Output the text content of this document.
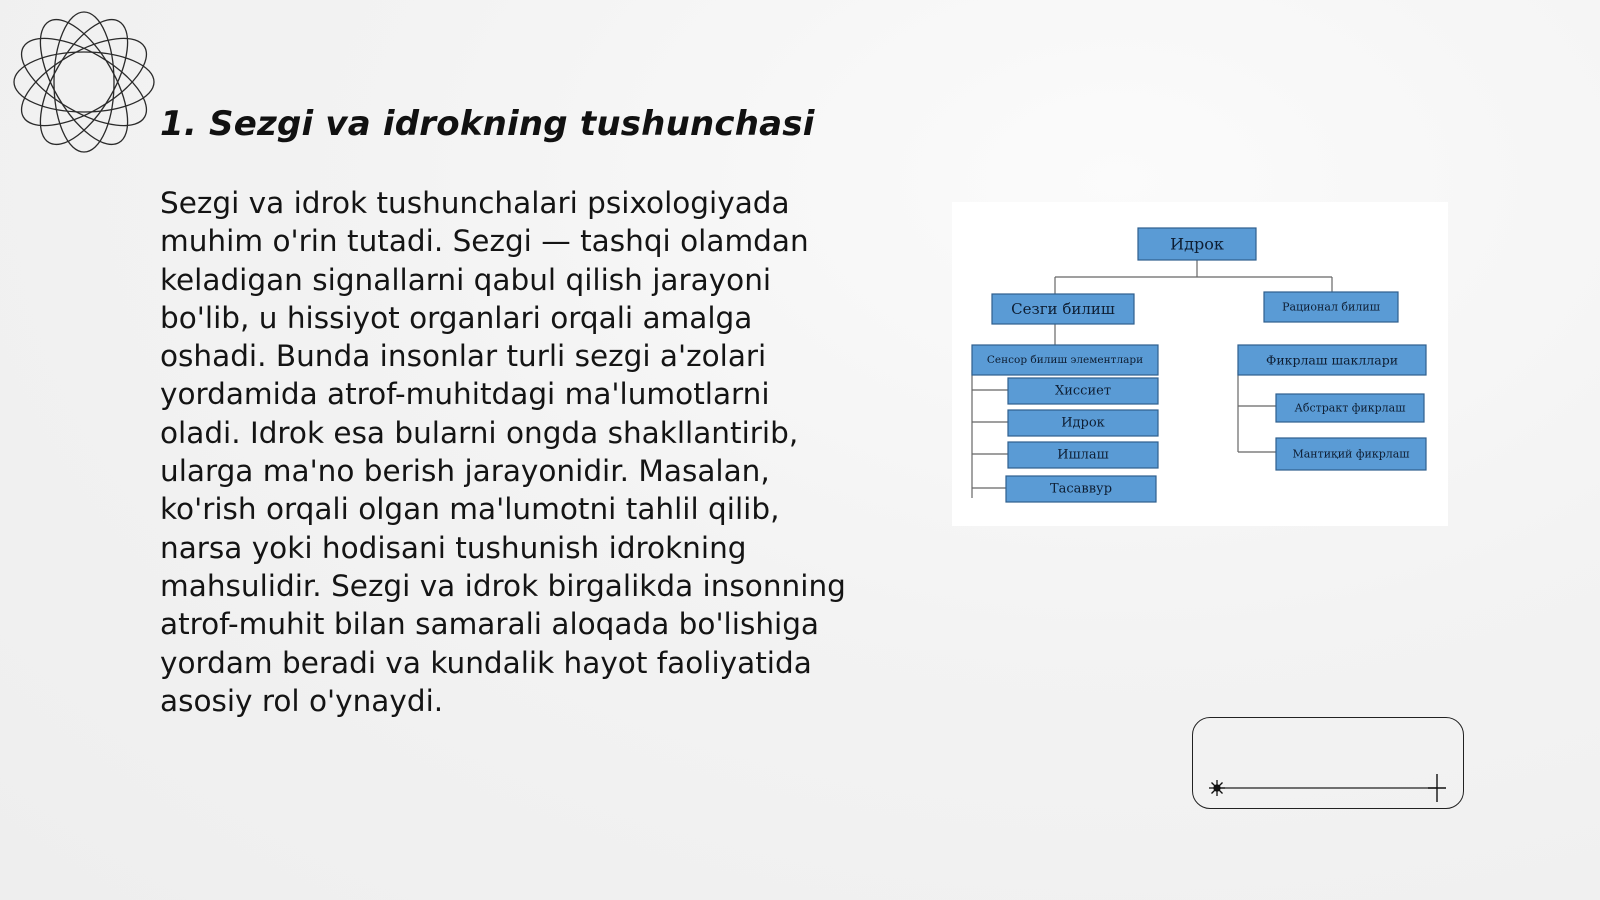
1. Sezgi va idrokning tushunchasi

Sezgi va idrok tushunchalari psixologiyada muhim o'rin tutadi. Sezgi — tashqi olamdan keladigan signallarni qabul qilish jarayoni bo'lib, u hissiyot organlari orqali amalga oshadi. Bunda insonlar turli sezgi a'zolari yordamida atrof-muhitdagi ma'lumotlarni oladi. Idrok esa bularni ongda shakllantirib, ularga ma'no berish jarayonidir. Masalan, ko'rish orqali olgan ma'lumotni tahlil qilib, narsa yoki hodisani tushunish idrokning mahsulidir. Sezgi va idrok birgalikda insonning atrof-muhit bilan samarali aloqada bo'lishiga yordam beradi va kundalik hayot faoliyatida asosiy rol o'ynaydi.

Идрок
Сезги билиш	Рационал билиш
Сенсор билиш элементлари	Фикрлаш шакллари
Хиссиет
Идрок
Ишлаш
Тасаввур
Абстракт фикрлаш
Мантиқий фикрлаш
